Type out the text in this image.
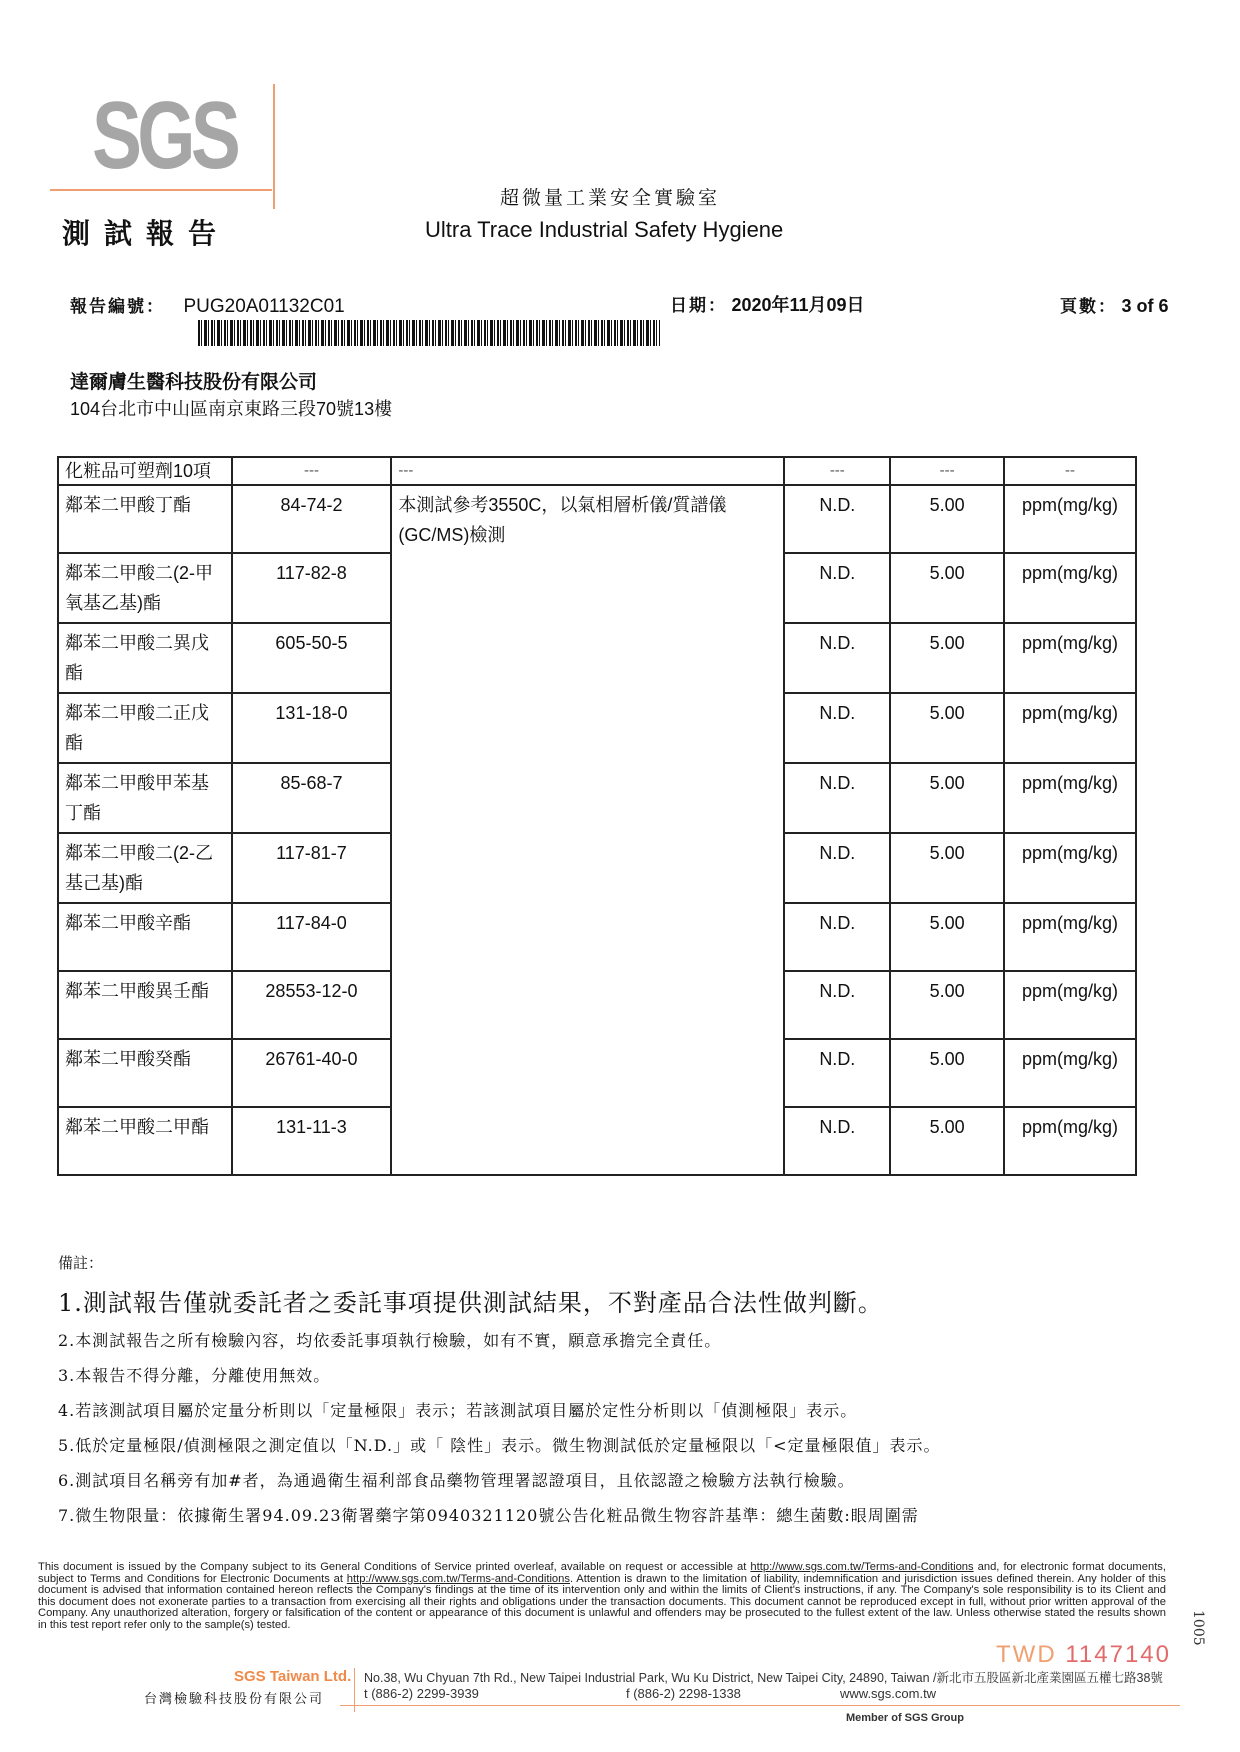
SGS
測試報告
超微量工業安全實驗室
Ultra Trace Industrial Safety Hygiene
報告編號： PUG20A01132C01	日期： 2020年11月09日	頁數： 3 of 6
達爾膚生醫科技股份有限公司
104台北市中山區南京東路三段70號13樓
化粧品可塑劑10項	---	---	---	---	--
鄰苯二甲酸丁酯	84-74-2	本測試參考3550C，以氣相層析儀/質譜儀(GC/MS)檢測	N.D.	5.00	ppm(mg/kg)
鄰苯二甲酸二(2-甲氧基乙基)酯	117-82-8		N.D.	5.00	ppm(mg/kg)
鄰苯二甲酸二異戊酯	605-50-5		N.D.	5.00	ppm(mg/kg)
鄰苯二甲酸二正戊酯	131-18-0		N.D.	5.00	ppm(mg/kg)
鄰苯二甲酸甲苯基丁酯	85-68-7		N.D.	5.00	ppm(mg/kg)
鄰苯二甲酸二(2-乙基己基)酯	117-81-7		N.D.	5.00	ppm(mg/kg)
鄰苯二甲酸辛酯	117-84-0		N.D.	5.00	ppm(mg/kg)
鄰苯二甲酸異壬酯	28553-12-0		N.D.	5.00	ppm(mg/kg)
鄰苯二甲酸癸酯	26761-40-0		N.D.	5.00	ppm(mg/kg)
鄰苯二甲酸二甲酯	131-11-3		N.D.	5.00	ppm(mg/kg)
備註：
1.測試報告僅就委託者之委託事項提供測試結果，不對產品合法性做判斷。
2.本測試報告之所有檢驗內容，均依委託事項執行檢驗，如有不實，願意承擔完全責任。
3.本報告不得分離，分離使用無效。
4.若該測試項目屬於定量分析則以「定量極限」表示；若該測試項目屬於定性分析則以「偵測極限」表示。
5.低於定量極限/偵測極限之測定值以「N.D.」或「 陰性」表示。微生物測試低於定量極限以「<定量極限值」表示。
6.測試項目名稱旁有加#者，為通過衛生福利部食品藥物管理署認證項目，且依認證之檢驗方法執行檢驗。
7.微生物限量：依據衛生署94.09.23衛署藥字第0940321120號公告化粧品微生物容許基準：總生菌數:眼周圍需
This document is issued by the Company subject to its General Conditions of Service printed overleaf, available on request or accessible at http://www.sgs.com.tw/Terms-and-Conditions and, for electronic format documents, subject to Terms and Conditions for Electronic Documents at http://www.sgs.com.tw/Terms-and-Conditions. Attention is drawn to the limitation of liability, indemnification and jurisdiction issues defined therein. Any holder of this document is advised that information contained hereon reflects the Company's findings at the time of its intervention only and within the limits of Client's instructions, if any. The Company's sole responsibility is to its Client and this document does not exonerate parties to a transaction from exercising all their rights and obligations under the transaction documents. This document cannot be reproduced except in full, without prior written approval of the Company. Any unauthorized alteration, forgery or falsification of the content or appearance of this document is unlawful and offenders may be prosecuted to the fullest extent of the law. Unless otherwise stated the results shown in this test report refer only to the sample(s) tested.
TWD 1147140
1005
SGS Taiwan Ltd.
台灣檢驗科技股份有限公司
No.38, Wu Chyuan 7th Rd., New Taipei Industrial Park, Wu Ku District, New Taipei City, 24890, Taiwan /新北市五股區新北產業園區五權七路38號
t (886-2) 2299-3939	f (886-2) 2298-1338	www.sgs.com.tw
Member of SGS Group
